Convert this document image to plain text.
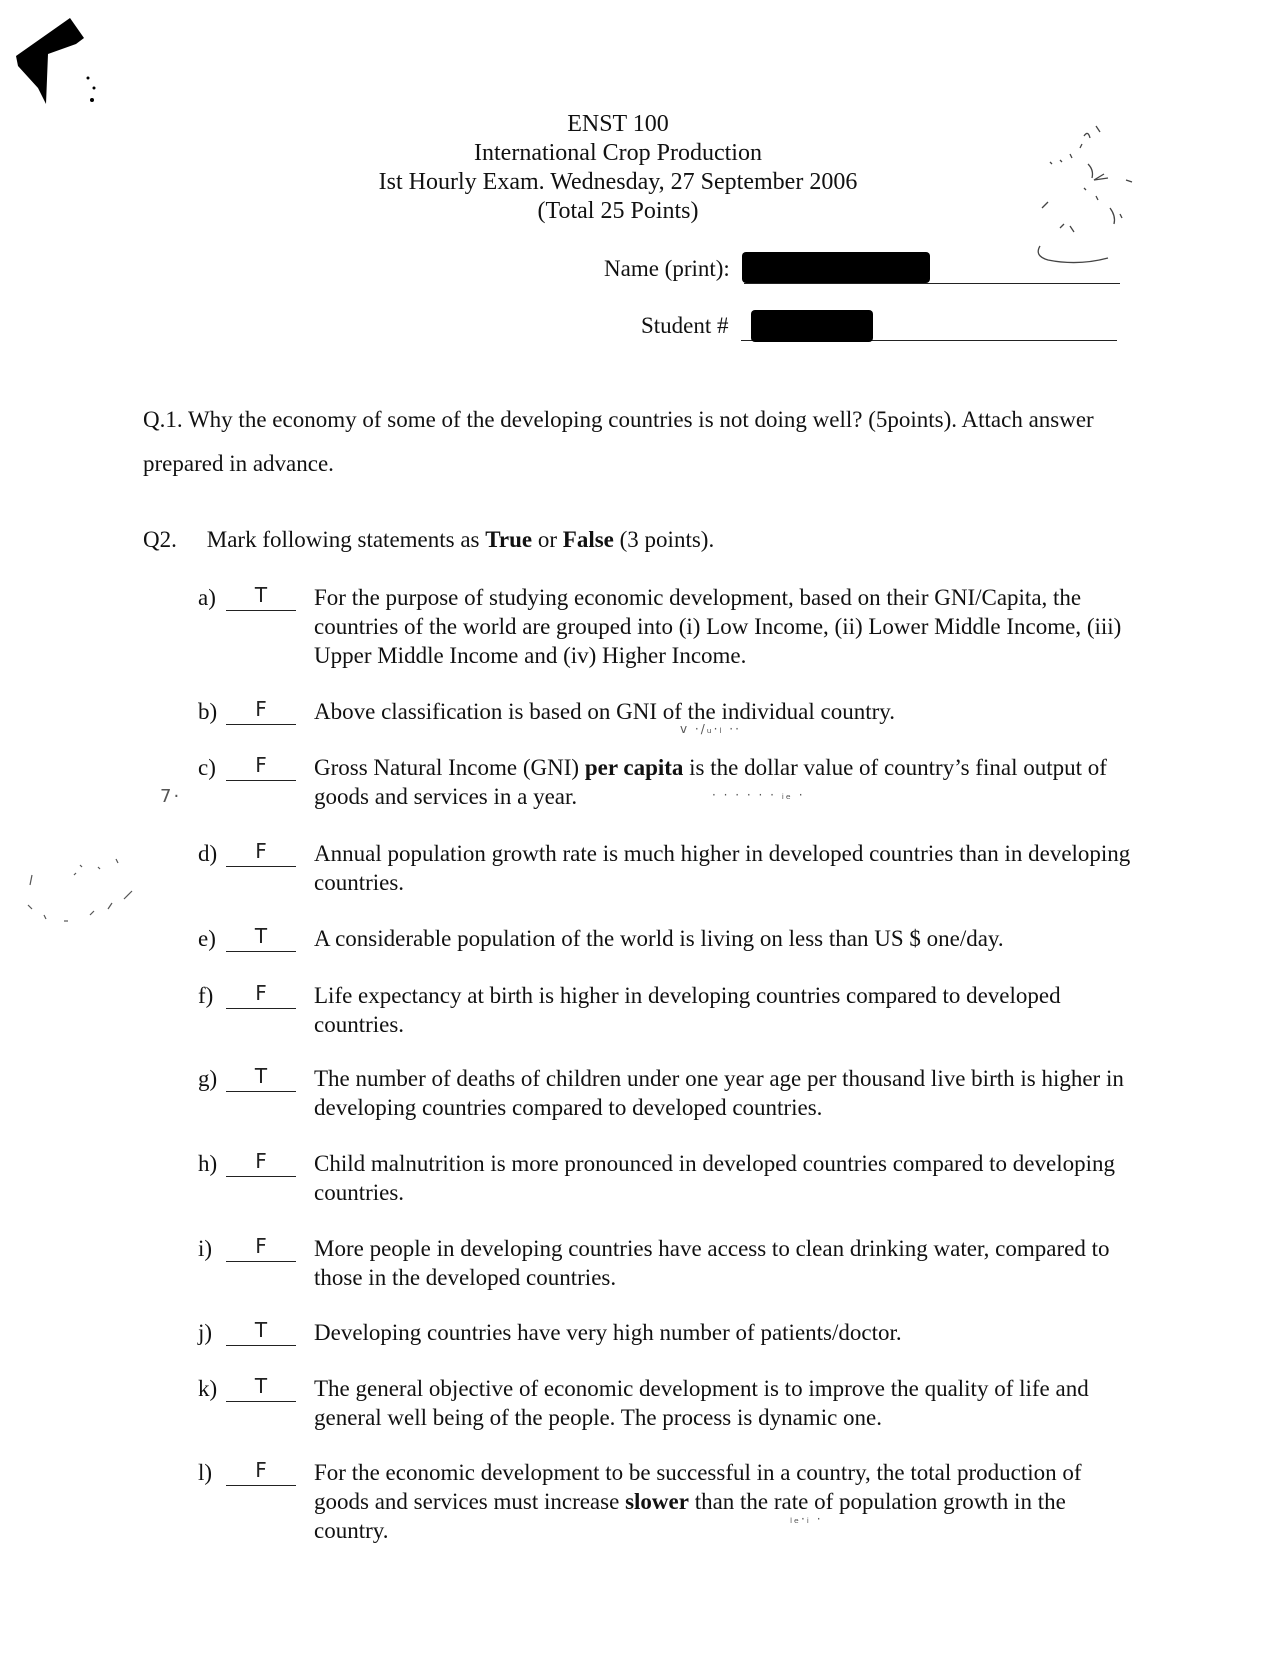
ENST 100
International Crop Production
Ist Hourly Exam. Wednesday, 27 September 2006
(Total 25 Points)
Name (print):
Student #
Q.1. Why the economy of some of the developing countries is not doing well? (5points). Attach answer prepared in advance.
Q2. Mark following statements as True or False (3 points).
a)	T	For the purpose of studying economic development, based on their GNI/Capita, the countries of the world are grouped into (i) Low Income, (ii) Lower Middle Income, (iii) Upper Middle Income and (iv) Higher Income.
b)	F	Above classification is based on GNI of the individual country.
v ·/ᵤ·ₗ ··
c)	F	Gross Natural Income (GNI) per capita is the dollar value of country’s final output of goods and services in a year.	· · · · · · ᵢₑ ·
7·
d)	F	Annual population growth rate is much higher in developed countries than in developing countries.
e)	T	A considerable population of the world is living on less than US $ one/day.
f)	F	Life expectancy at birth is higher in developing countries compared to developed countries.
g)	T	The number of deaths of children under one year age per thousand live birth is higher in developing countries compared to developed countries.
h)	F	Child malnutrition is more pronounced in developed countries compared to developing countries.
i)	F	More people in developing countries have access to clean drinking water, compared to those in the developed countries.
j)	T	Developing countries have very high number of patients/doctor.
k)	T	The general objective of economic development is to improve the quality of life and general well being of the people. The process is dynamic one.
l)	F	For the economic development to be successful in a country, the total production of goods and services must increase slower than the rate of population growth in the country.	ₗₑ·ᵢ ·
